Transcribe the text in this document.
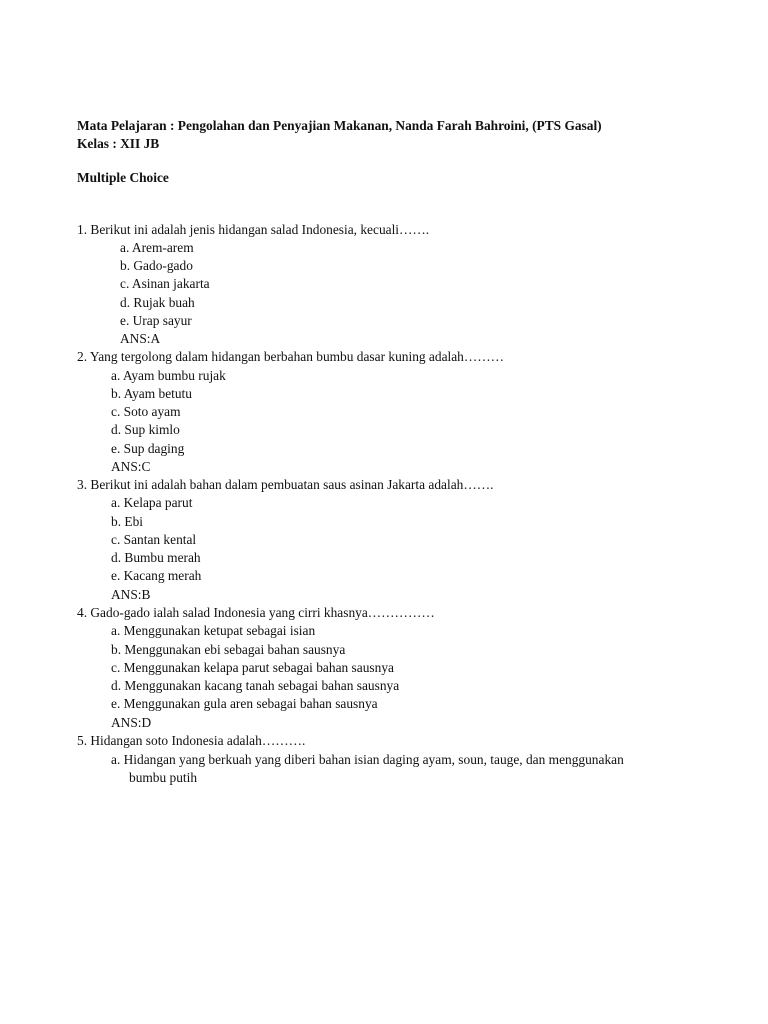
Mata Pelajaran : Pengolahan dan Penyajian Makanan, Nanda Farah Bahroini, (PTS Gasal)
Kelas : XII JB
Multiple Choice
1. Berikut ini adalah jenis hidangan salad Indonesia, kecuali…….
a. Arem-arem
b. Gado-gado
c. Asinan jakarta
d. Rujak buah
e. Urap sayur
ANS:A
2. Yang tergolong dalam hidangan berbahan bumbu dasar kuning adalah………
a. Ayam bumbu rujak
b. Ayam betutu
c. Soto ayam
d. Sup kimlo
e. Sup daging
ANS:C
3. Berikut ini adalah bahan dalam pembuatan saus asinan Jakarta adalah…….
a. Kelapa parut
b. Ebi
c. Santan kental
d. Bumbu merah
e. Kacang merah
ANS:B
4. Gado-gado ialah salad Indonesia yang cirri khasnya……………
a. Menggunakan ketupat sebagai isian
b. Menggunakan ebi sebagai bahan sausnya
c. Menggunakan kelapa parut sebagai bahan sausnya
d. Menggunakan kacang tanah sebagai bahan sausnya
e. Menggunakan gula aren sebagai bahan sausnya
ANS:D
5. Hidangan soto Indonesia adalah……….
a. Hidangan yang berkuah yang diberi bahan isian daging ayam, soun, tauge, dan menggunakan
bumbu putih
